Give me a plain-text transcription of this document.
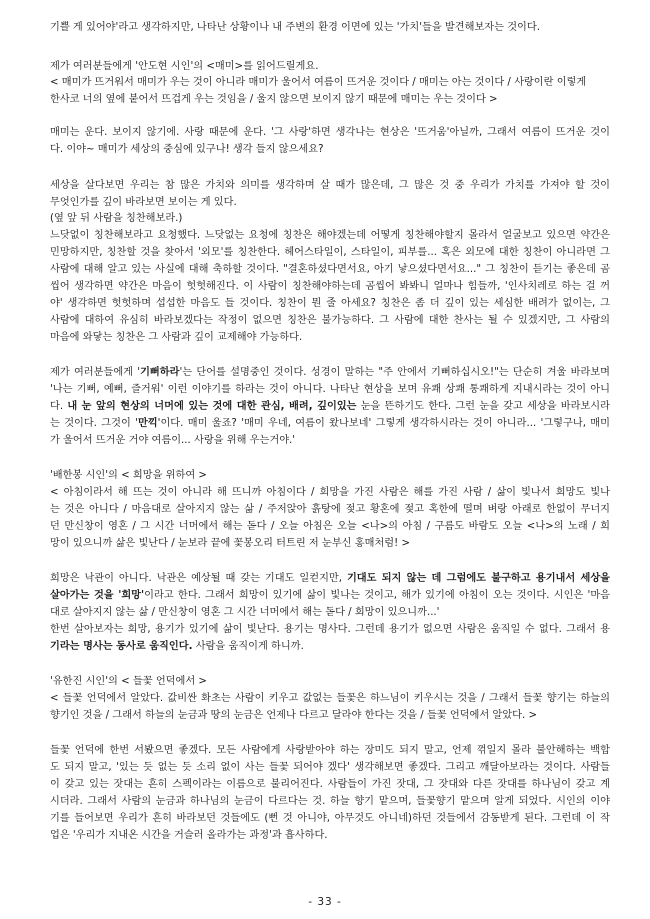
기쁠 게 있어야'라고 생각하지만, 나타난 상황이나 내 주변의 환경 이면에 있는 '가치'들을 발견해보자는 것이다.
제가 여러분들에게 '안도현 시인'의 <매미>를 읽어드릴게요.
< 매미가 뜨거워서 매미가 우는 것이 아니라 매미가 울어서 여름이 뜨거운 것이다 / 매미는 아는 것이다 / 사랑이란 이렇게
한사코 너의 옆에 붙어서 뜨겁게 우는 것임을 / 울지 않으면 보이지 않기 때문에 매미는 우는 것이다 >
매미는 운다. 보이지 않기에. 사랑 때문에 운다. '그 사랑'하면 생각나는 현상은 '뜨거움'아닐까, 그래서 여름이 뜨거운 것이
다. 이야~ 매미가 세상의 중심에 있구나! 생각 들지 않으세요?
세상을 살다보면 우리는 참 많은 가치와 의미를 생각하며 살 때가 많은데, 그 많은 것 중 우리가 가치를 가져야 할 것이
무엇인가를 깊이 바라보면 보이는 게 있다.
(옆 앞 뒤 사람을 칭찬해보라.)
느닷없이 칭찬해보라고 요청했다. 느닷없는 요청에 칭찬은 해야겠는데 어떻게 칭찬해야할지 몰라서 얼굴보고 있으면 약간은
민망하지만, 칭찬할 것을 찾아서 '외모'를 칭찬한다. 헤어스타일이, 스타일이, 피부를... 혹은 외모에 대한 칭찬이 아니라면 그
사람에 대해 알고 있는 사실에 대해 축하할 것이다. "결혼하셨다면서요, 아기 낳으셨다면서요..." 그 칭찬이 듣기는 좋은데 곰
씹어 생각하면 약간은 마음이 헛헛해진다. 이 사람이 칭찬해야하는데 곰씹어 봐봐니 얼마나 힘들까, '인사치레로 하는 걸 꺼
야' 생각하면 헛헛하며 섭섭한 마음도 들 것이다. 칭찬이 뭔 줄 아세요? 칭찬은 좀 더 깊이 있는 세심한 배려가 없이는, 그
사람에 대하여 유심히 바라보겠다는 작정이 없으면 칭찬은 불가능하다. 그 사람에 대한 찬사는 될 수 있겠지만, 그 사람의
마음에 와닿는 칭찬은 그 사람과 깊이 교제해야 가능하다.
제가 여러분들에게 '기뻐하라'는 단어를 설명중인 것이다. 성경이 말하는 "주 안에서 기뻐하십시오!"는 단순히 겨울 바라보며
'나는 기뻐, 예뻐, 즐거워' 이런 이야기를 하라는 것이 아니다. 나타난 현상을 보며 유쾌 상쾌 통쾌하게 지내시라는 것이 아니
다. 내 눈 앞의 현상의 너머에 있는 것에 대한 관심, 배려, 깊이있는 눈을 뜬하기도 한다. 그런 눈을 갖고 세상을 바라보시라
는 것이다. 그것이 '만끽'이다. 매미 울죠? '매미 우네, 여름이 왔나보네' 그렇게 생각하시라는 것이 아니라... '그렇구나, 매미
가 울어서 뜨거운 거야 여름이... 사랑을 위해 우는거야.'
'배한봉 시인'의 < 희망을 위하여 >
< 아침이라서 해 뜨는 것이 아니라 해 뜨니까 아침이다 / 희망을 가진 사람은 해를 가진 사람 / 삶이 빛나서 희망도 빛나
는 것은 아니다 / 마음대로 살아지지 않는 삶 / 주저앉아 흙탕에 젖고 황혼에 젖고 혹한에 떨며 벼랑 아래로 한없이 무너지
던 만신창이 영혼 / 그 시간 너머에서 해는 돋다 / 오늘 아침은 오늘 <나>의 아침 / 구름도 바람도 오늘 <나>의 노래 / 희
망이 있으니까 삶은 빛난다 / 눈보라 끝에 꽃봉오리 터트린 저 눈부신 홍매처럼! >
희망은 낙관이 아니다. 낙관은 예상될 때 갖는 기대도 일컫지만, 기대도 되지 않는 데 그럼에도 불구하고 용기내서 세상을
살아가는 것을 '희망'이라고 한다. 그래서 희망이 있기에 삶이 빛나는 것이고, 해가 있기에 아침이 오는 것이다. 시인은 '마음
대로 살아지지 않는 삶 / 만신창이 영혼 그 시간 너머에서 해는 돋다 / 희망이 있으니까...'
한번 살아보자는 희망, 용기가 있기에 삶이 빛난다. 용기는 명사다. 그런데 용기가 없으면 사람은 움직일 수 없다. 그래서 용
기라는 명사는 동사로 움직인다. 사람을 움직이게 하니까.
'유한진 시인'의 < 들꽃 언덕에서 >
< 들꽃 언덕에서 알았다. 값비싼 화초는 사람이 키우고 값없는 들꽃은 하느님이 키우시는 것을 / 그래서 들꽃 향기는 하늘의
향기인 것을 / 그래서 하늘의 눈금과 땅의 눈금은 언제나 다르고 달라야 한다는 것을 / 들꽃 언덕에서 알았다. >
들꽃 언덕에 한번 서봤으면 좋겠다. 모든 사람에게 사랑받아야 하는 장미도 되지 말고, 언제 꺾일지 몰라 불안해하는 백합
도 되지 말고, '있는 듯 없는 듯 소리 없이 사는 들꽃 되어야 겠다' 생각해보면 좋겠다. 그리고 깨달아보라는 것이다. 사람들
이 갖고 있는 잣대는 흔히 스펙이라는 이름으로 불리어진다. 사람들이 가진 잣대, 그 잣대와 다른 잣대를 하나님이 갖고 계
시더라. 그래서 사람의 눈금과 하나님의 눈금이 다르다는 것. 하늘 향기 맡으며, 들꽃향기 맡으며 알게 되었다. 시인의 이야
기를 들어보면 우리가 흔히 바라보던 것들에도 (뻔 것 아니야, 아무것도 아니네)하던 것들에서 감동받게 된다. 그런데 이 작
업은 '우리가 지내온 시간을 거슬러 올라가는 과정'과 흡사하다.
- 33 -
